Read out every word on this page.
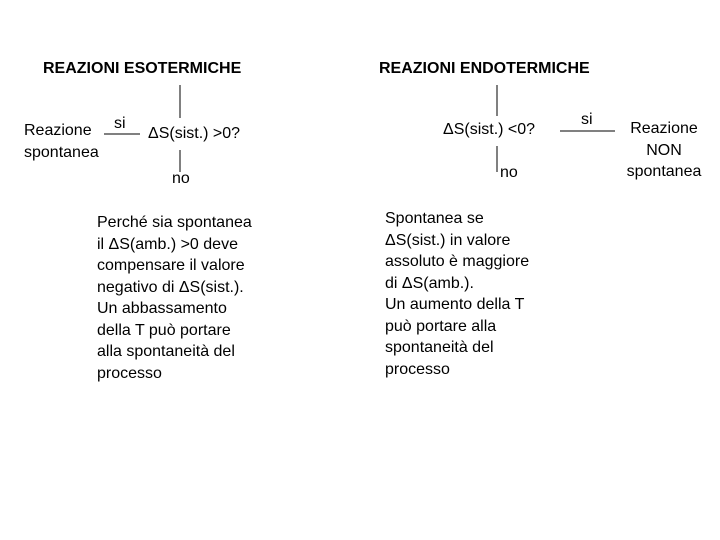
REAZIONI ESOTERMICHE
ΔS(sist.) >0?
si
no
Reazione
spontanea
Perché sia spontanea
il ΔS(amb.) >0 deve
compensare il valore
negativo di ΔS(sist.).
Un abbassamento
della T può portare
alla spontaneità del
processo
REAZIONI ENDOTERMICHE
ΔS(sist.) <0?
si
no
Reazione
NON
spontanea
Spontanea se
ΔS(sist.) in valore
assoluto è maggiore
di ΔS(amb.).
Un aumento della T
può portare alla
spontaneità del
processo
